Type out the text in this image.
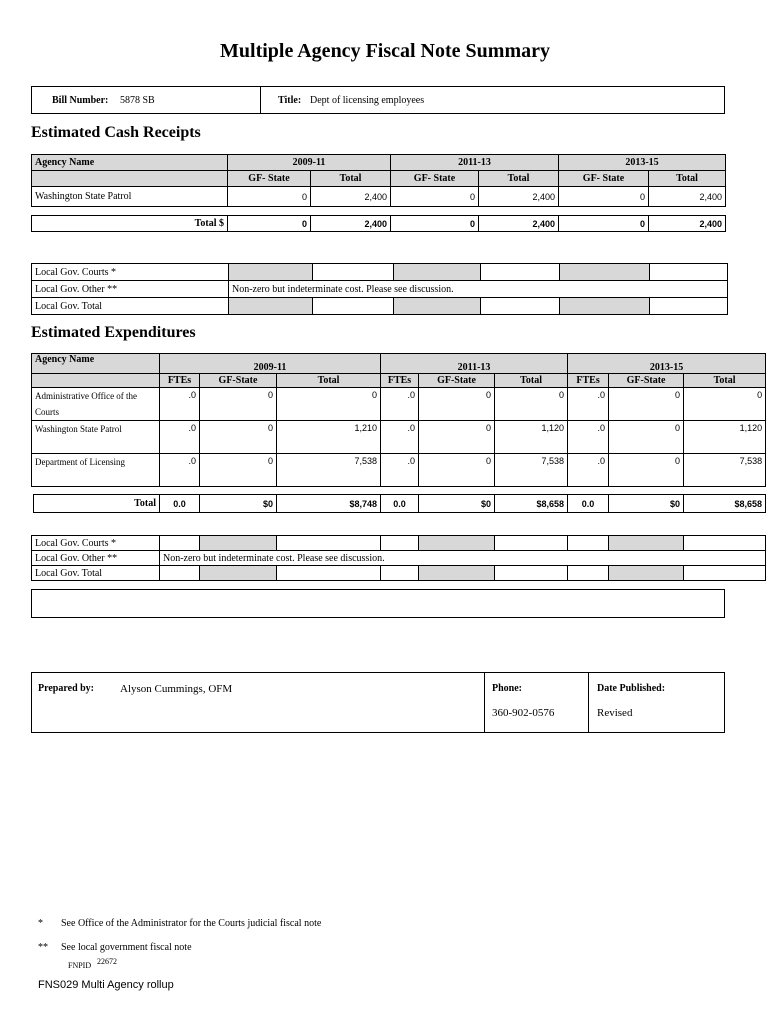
Multiple Agency Fiscal Note Summary
Bill Number: 5878 SB	Title: Dept of licensing employees
Estimated Cash Receipts
Agency Name	2009-11		2011-13		2013-15	
	GF- State	Total	GF- State	Total	GF- State	Total
Washington State Patrol	0	2,400	0	2,400	0	2,400
Total $	0	2,400	0	2,400	0	2,400
Local Gov. Courts *						
Local Gov. Other **	Non-zero but indeterminate cost. Please see discussion.					
Local Gov. Total						
Estimated Expenditures
Agency Name	2009-11			2011-13			2013-15		
	FTEs	GF-State	Total	FTEs	GF-State	Total	FTEs	GF-State	Total
Administrative Office of the Courts	.0	0	0	.0	0	0	.0	0	0
Washington State Patrol	.0	0	1,210	.0	0	1,120	.0	0	1,120
Department of Licensing	.0	0	7,538	.0	0	7,538	.0	0	7,538
Total	0.0	$0	$8,748	0.0	$0	$8,658	0.0	$0	$8,658
Local Gov. Courts *									
Local Gov. Other **	Non-zero but indeterminate cost. Please see discussion.								
Local Gov. Total									
Prepared by: Alyson Cummings, OFM	Phone:
360-902-0576
Date Published:
Revised
* See Office of the Administrator for the Courts judicial fiscal note
** See local government fiscal note
FNPID 22672
FNS029 Multi Agency rollup
